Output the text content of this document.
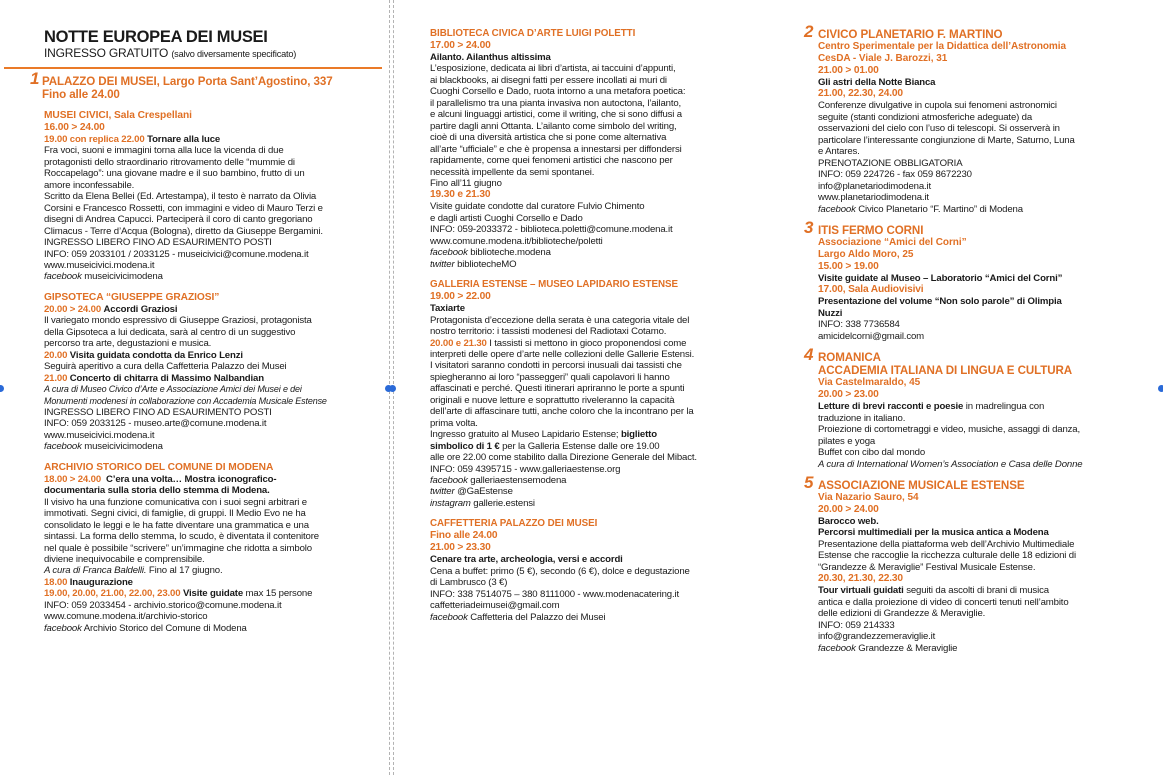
NOTTE EUROPEA DEI MUSEI
INGRESSO GRATUITO (salvo diversamente specificato)
1 PALAZZO DEI MUSEI, Largo Porta Sant’Agostino, 337
Fino alle 24.00
MUSEI CIVICI, Sala Crespellani
16.00 > 24.00
19.00 con replica 22.00 Tornare alla luce
Fra voci, suoni e immagini torna alla luce la vicenda di due
protagonisti dello straordinario ritrovamento delle “mummie di
Roccapelago”: una giovane madre e il suo bambino, frutto di un
amore inconfessabile.
Scritto da Elena Bellei (Ed. Artestampa), il testo è narrato da Olivia
Corsini e Francesco Rossetti, con immagini e video di Mauro Terzi e
disegni di Andrea Capucci. Parteciperà il coro di canto gregoriano
Climacus - Terre d’Acqua (Bologna), diretto da Giuseppe Bergamini.
INGRESSO LIBERO FINO AD ESAURIMENTO POSTI
INFO: 059 2033101 / 2033125 - museicivici@comune.modena.it
www.museicivici.modena.it
facebook museicivicimodena
GIPSOTECA “GIUSEPPE GRAZIOSI”
20.00 > 24.00 Accordi Graziosi
Il variegato mondo espressivo di Giuseppe Graziosi, protagonista
della Gipsoteca a lui dedicata, sarà al centro di un suggestivo
percorso tra arte, degustazioni e musica.
20.00 Visita guidata condotta da Enrico Lenzi
Seguirà aperitivo a cura della Caffetteria Palazzo dei Musei
21.00 Concerto di chitarra di Massimo Nalbandian
A cura di Museo Civico d’Arte e Associazione Amici dei Musei e dei
Monumenti modenesi in collaborazione con Accademia Musicale Estense
INGRESSO LIBERO FINO AD ESAURIMENTO POSTI
INFO: 059 2033125 - museo.arte@comune.modena.it
www.museicivici.modena.it
facebook museicivicimodena
ARCHIVIO STORICO DEL COMUNE DI MODENA
18.00 > 24.00 C’era una volta… Mostra iconografico-
documentaria sulla storia dello stemma di Modena.
Il visivo ha una funzione comunicativa con i suoi segni arbitrari e
immotivati. Segni civici, di famiglie, di gruppi. Il Medio Evo ne ha
consolidato le leggi e le ha fatte diventare una grammatica e una
sintassi. La forma dello stemma, lo scudo, è diventata il contenitore
nel quale è possibile “scrivere” un’immagine che ridotta a simbolo
diviene inequivocabile e comprensibile.
A cura di Franca Baldelli. Fino al 17 giugno.
18.00 Inaugurazione
19.00, 20.00, 21.00, 22.00, 23.00 Visite guidate max 15 persone
INFO: 059 2033454 - archivio.storico@comune.modena.it
www.comune.modena.it/archivio-storico
facebook Archivio Storico del Comune di Modena
BIBLIOTECA CIVICA D’ARTE LUIGI POLETTI
17.00 > 24.00
Ailanto. Ailanthus altissima
L’esposizione, dedicata ai libri d’artista, ai taccuini d’appunti,
ai blackbooks, ai disegni fatti per essere incollati ai muri di
Cuoghi Corsello e Dado, ruota intorno a una metafora poetica:
il parallelismo tra una pianta invasiva non autoctona, l’ailanto,
e alcuni linguaggi artistici, come il writing, che si sono diffusi a
partire dagli anni Ottanta. L’ailanto come simbolo del writing,
cioè di una diversità artistica che si pone come alternativa
all’arte “ufficiale” e che è propensa a innestarsi per diffondersi
rapidamente, come quei fenomeni artistici che nascono per
necessità impellente da semi spontanei.
Fino all’11 giugno
19.30 e 21.30
Visite guidate condotte dal curatore Fulvio Chimento
e dagli artisti Cuoghi Corsello e Dado
INFO: 059-2033372 - biblioteca.poletti@comune.modena.it
www.comune.modena.it/biblioteche/poletti
facebook biblioteche.modena
twitter bibliotecheMO
GALLERIA ESTENSE – MUSEO LAPIDARIO ESTENSE
19.00 > 22.00
Taxiarte
Protagonista d’eccezione della serata è una categoria vitale del
nostro territorio: i tassisti modenesi del Radiotaxi Cotamo.
20.00 e 21.30 I tassisti si mettono in gioco proponendosi come
interpreti delle opere d’arte nelle collezioni delle Gallerie Estensi.
I visitatori saranno condotti in percorsi inusuali dai tassisti che
spiegheranno ai loro “passeggeri” quali capolavori li hanno
affascinati e perché. Questi itinerari apriranno le porte a spunti
originali e nuove letture e soprattutto riveleranno la capacità
dell’arte di affascinare tutti, anche coloro che la incontrano per la
prima volta.
Ingresso gratuito al Museo Lapidario Estense; biglietto
simbolico di 1 € per la Galleria Estense dalle ore 19.00
alle ore 22.00 come stabilito dalla Direzione Generale del Mibact.
INFO: 059 4395715 - www.galleriaestense.org
facebook galleriaestensemodena
twitter @GaEstense
instagram gallerie.estensi
CAFFETTERIA PALAZZO DEI MUSEI
Fino alle 24.00
21.00 > 23.30
Cenare tra arte, archeologia, versi e accordi
Cena a buffet: primo (5 €), secondo (6 €), dolce e degustazione
di Lambrusco (3 €)
INFO: 338 7514075 – 380 8111000 - www.modenacatering.it
caffetteriadeimusei@gmail.com
facebook Caffetteria del Palazzo dei Musei
2 CIVICO PLANETARIO F. MARTINO
Centro Sperimentale per la Didattica dell’Astronomia
CesDA - Viale J. Barozzi, 31
21.00 > 01.00
Gli astri della Notte Bianca
21.00, 22.30, 24.00
Conferenze divulgative in cupola sui fenomeni astronomici
seguite (stanti condizioni atmosferiche adeguate) da
osservazioni del cielo con l’uso di telescopi. Si osserverà in
particolare l’interessante congiunzione di Marte, Saturno, Luna
e Antares.
PRENOTAZIONE OBBLIGATORIA
INFO: 059 224726 - fax 059 8672230
info@planetariodimodena.it
www.planetariodimodena.it
facebook Civico Planetario “F. Martino” di Modena
3 ITIS FERMO CORNI
Associazione “Amici del Corni”
Largo Aldo Moro, 25
15.00 > 19.00
Visite guidate al Museo – Laboratorio “Amici del Corni”
17.00, Sala Audiovisivi
Presentazione del volume “Non solo parole” di Olimpia
Nuzzi
INFO: 338 7736584
amicidelcorni@gmail.com
4 ROMANICA
ACCADEMIA ITALIANA DI LINGUA E CULTURA
Via Castelmaraldo, 45
20.00 > 23.00
Letture di brevi racconti e poesie in madrelingua con
traduzione in italiano.
Proiezione di cortometraggi e video, musiche, assaggi di danza,
pilates e yoga
Buffet con cibo dal mondo
A cura di International Women’s Association e Casa delle Donne
5 ASSOCIAZIONE MUSICALE ESTENSE
Via Nazario Sauro, 54
20.00 > 24.00
Barocco web.
Percorsi multimediali per la musica antica a Modena
Presentazione della piattaforma web dell’Archivio Multimediale
Estense che raccoglie la ricchezza culturale delle 18 edizioni di
“Grandezze & Meraviglie” Festival Musicale Estense.
20.30, 21.30, 22.30
Tour virtuali guidati seguiti da ascolti di brani di musica
antica e dalla proiezione di video di concerti tenuti nell’ambito
delle edizioni di Grandezze & Meraviglie.
INFO: 059 214333
info@grandezzemeraviglie.it
facebook Grandezze & Meraviglie
